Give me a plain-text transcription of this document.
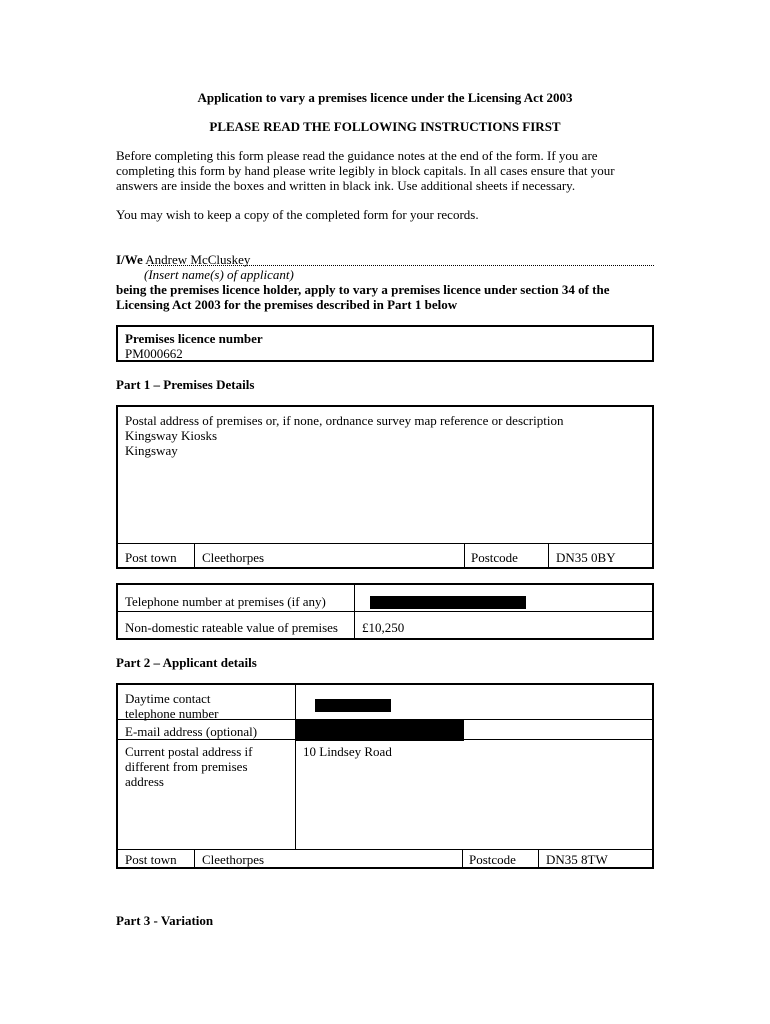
Application to vary a premises licence under the Licensing Act 2003
PLEASE READ THE FOLLOWING INSTRUCTIONS FIRST
Before completing this form please read the guidance notes at the end of the form. If you are
completing this form by hand please write legibly in block capitals. In all cases ensure that your
answers are inside the boxes and written in black ink. Use additional sheets if necessary.
You may wish to keep a copy of the completed form for your records.
I/We Andrew McCluskey
(Insert name(s) of applicant)
being the premises licence holder, apply to vary a premises licence under section 34 of the
Licensing Act 2003 for the premises described in Part 1 below
Premises licence number
PM000662
Part 1 – Premises Details
Postal address of premises or, if none, ordnance survey map reference or description
Kingsway Kiosks
Kingsway
Post town	Cleethorpes	Postcode	DN35 0BY
Telephone number at premises (if any)
Non-domestic rateable value of premises	£10,250
Part 2 – Applicant details
Daytime contact
telephone number
E-mail address (optional)
Current postal address if
different from premises
address
10 Lindsey Road
Post town	Cleethorpes	Postcode	DN35 8TW
Part 3 - Variation
